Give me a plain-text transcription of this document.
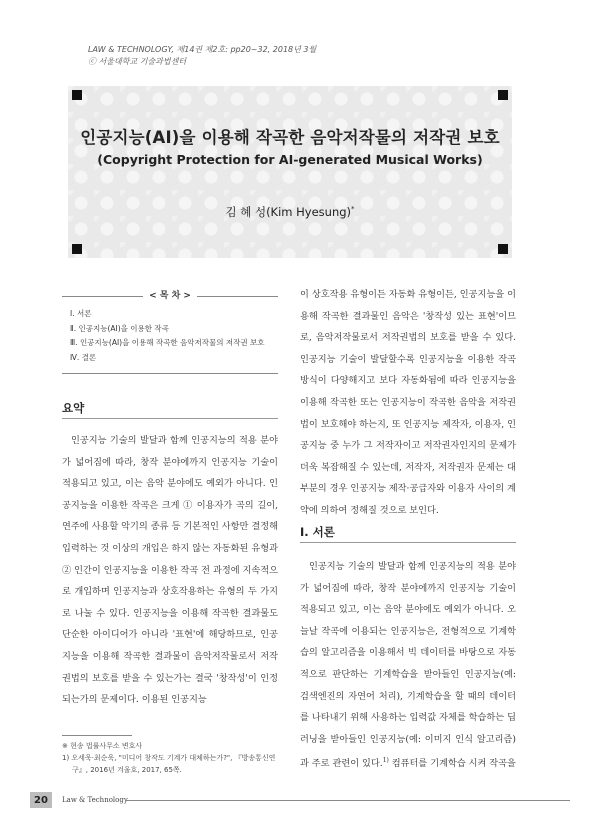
LAW & TECHNOLOGY, 제14권 제2호: pp20~32, 2018년 3월
ⓒ 서울대학교 기술과법센터
인공지능(AI)을 이용해 작곡한 음악저작물의 저작권 보호
(Copyright Protection for AI-generated Musical Works)
김 혜 성(Kim Hyesung)*
< 목 차 >
Ⅰ. 서론
Ⅱ. 인공지능(AI)을 이용한 작곡
Ⅲ. 인공지능(AI)을 이용해 작곡한 음악저작물의 저작권 보호
Ⅳ. 결론
요약
인공지능 기술의 발달과 함께 인공지능의 적용 분야가 넓어짐에 따라, 창작 분야에까지 인공지능 기술이 적용되고 있고, 이는 음악 분야에도 예외가 아니다. 인공지능을 이용한 작곡은 크게 ① 이용자가 곡의 길이, 연주에 사용할 악기의 종류 등 기본적인 사항만 결정해 입력하는 것 이상의 개입은 하지 않는 자동화된 유형과 ② 인간이 인공지능을 이용한 작곡 전 과정에 지속적으로 개입하며 인공지능과 상호작용하는 유형의 두 가지로 나눌 수 있다. 인공지능을 이용해 작곡한 결과물도 단순한 아이디어가 아니라 '표현'에 해당하므로, 인공지능을 이용해 작곡한 결과물이 음악저작물로서 저작권법의 보호를 받을 수 있는가는 결국 '창작성'이 인정되는가의 문제이다. 이용된 인공지능
이 상호작용 유형이든 자동화 유형이든, 인공지능을 이용해 작곡한 결과물인 음악은 '창작성 있는 표현'이므로, 음악저작물로서 저작권법의 보호를 받을 수 있다. 인공지능 기술이 발달할수록 인공지능을 이용한 작곡 방식이 다양해지고 보다 자동화됨에 따라 인공지능을 이용해 작곡한 또는 인공지능이 작곡한 음악을 저작권법이 보호해야 하는지, 또 인공지능 제작자, 이용자, 인공지능 중 누가 그 저작자이고 저작권자인지의 문제가 더욱 복잡해질 수 있는데, 저작자, 저작권자 문제는 대부분의 경우 인공지능 제작·공급자와 이용자 사이의 계약에 의하여 정해질 것으로 보인다.
Ⅰ. 서론
인공지능 기술의 발달과 함께 인공지능의 적용 분야가 넓어짐에 따라, 창작 분야에까지 인공지능 기술이 적용되고 있고, 이는 음악 분야에도 예외가 아니다. 오늘날 작곡에 이용되는 인공지능은, 전형적으로 기계학습의 알고리즘을 이용해서 빅 데이터를 바탕으로 자동적으로 판단하는 기계학습을 받아들인 인공지능(예: 검색엔진의 자연어 처리), 기계학습을 할 때의 데이터를 나타내기 위해 사용하는 입력값 자체를 학습하는 딥러닝을 받아들인 인공지능(예: 이미지 인식 알고리즘)과 주로 관련이 있다.$^{1)}$ 컴퓨터를 기계학습 시켜 작곡을
※ 현송 법률사무소 변호사
1) 오세욱·최순욱, "미디어 창작도 기계가 대체하는가?", 『방송통신연구』, 2016년 겨울호, 2017, 65쪽.
20	Law & Technology
